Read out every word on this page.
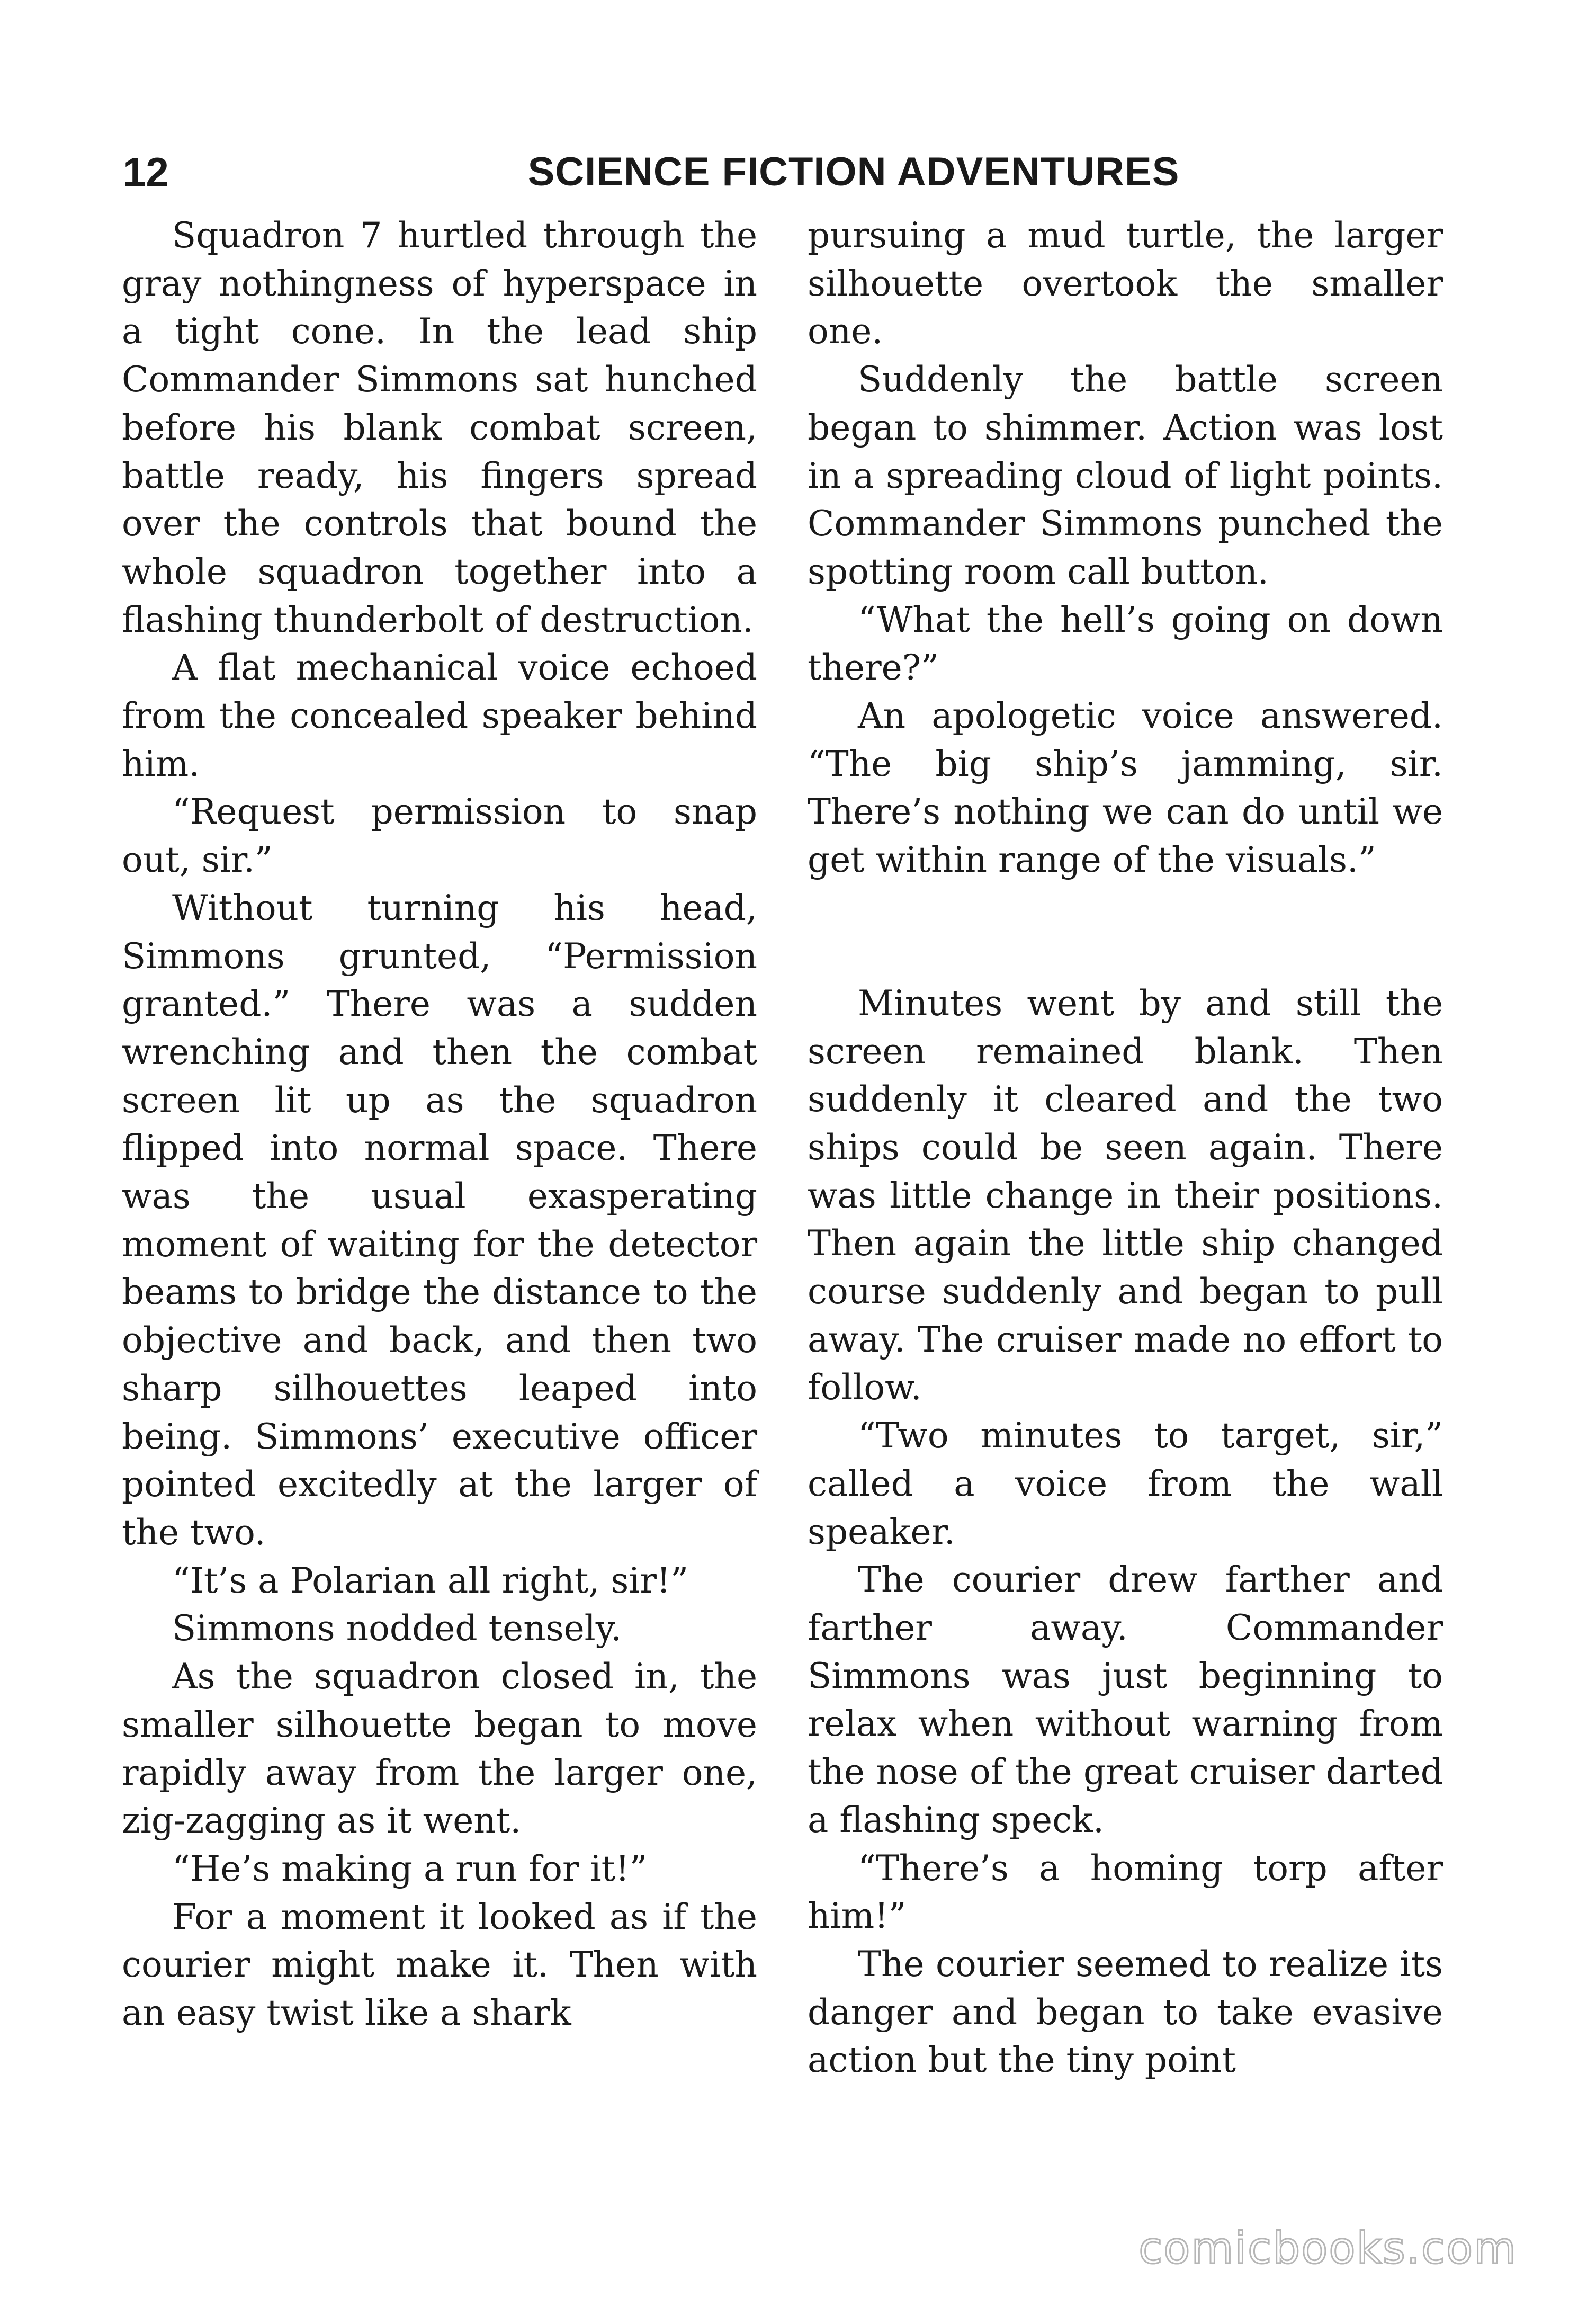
12	SCIENCE FICTION ADVENTURES

Squadron 7 hurtled through the gray nothingness of hyperspace in a tight cone. In the lead ship Commander Simmons sat hunched before his blank combat screen, battle ready, his fingers spread over the controls that bound the whole squadron together into a flashing thunderbolt of destruction.

A flat mechanical voice echoed from the concealed speaker behind him.

“Request permission to snap out, sir.”

Without turning his head, Simmons grunted, “Permission granted.” There was a sudden wrenching and then the combat screen lit up as the squadron flipped into normal space. There was the usual exasperating moment of waiting for the detector beams to bridge the distance to the objective and back, and then two sharp silhouettes leaped into being. Simmons’ executive officer pointed excitedly at the larger of the two.

“It’s a Polarian all right, sir!”

Simmons nodded tensely.

As the squadron closed in, the smaller silhouette began to move rapidly away from the larger one, zig-zagging as it went.

“He’s making a run for it!”

For a moment it looked as if the courier might make it. Then with an easy twist like a shark

pursuing a mud turtle, the larger silhouette overtook the smaller one.

Suddenly the battle screen began to shimmer. Action was lost in a spreading cloud of light points. Commander Simmons punched the spotting room call button.

“What the hell’s going on down there?”

An apologetic voice answered. “The big ship’s jamming, sir. There’s nothing we can do until we get within range of the visuals.”

Minutes went by and still the screen remained blank. Then suddenly it cleared and the two ships could be seen again. There was little change in their positions. Then again the little ship changed course suddenly and began to pull away. The cruiser made no effort to follow.

“Two minutes to target, sir,” called a voice from the wall speaker.

The courier drew farther and farther away. Commander Simmons was just beginning to relax when without warning from the nose of the great cruiser darted a flashing speck.

“There’s a homing torp after him!”

The courier seemed to realize its danger and began to take evasive action but the tiny point

comicbooks.com
